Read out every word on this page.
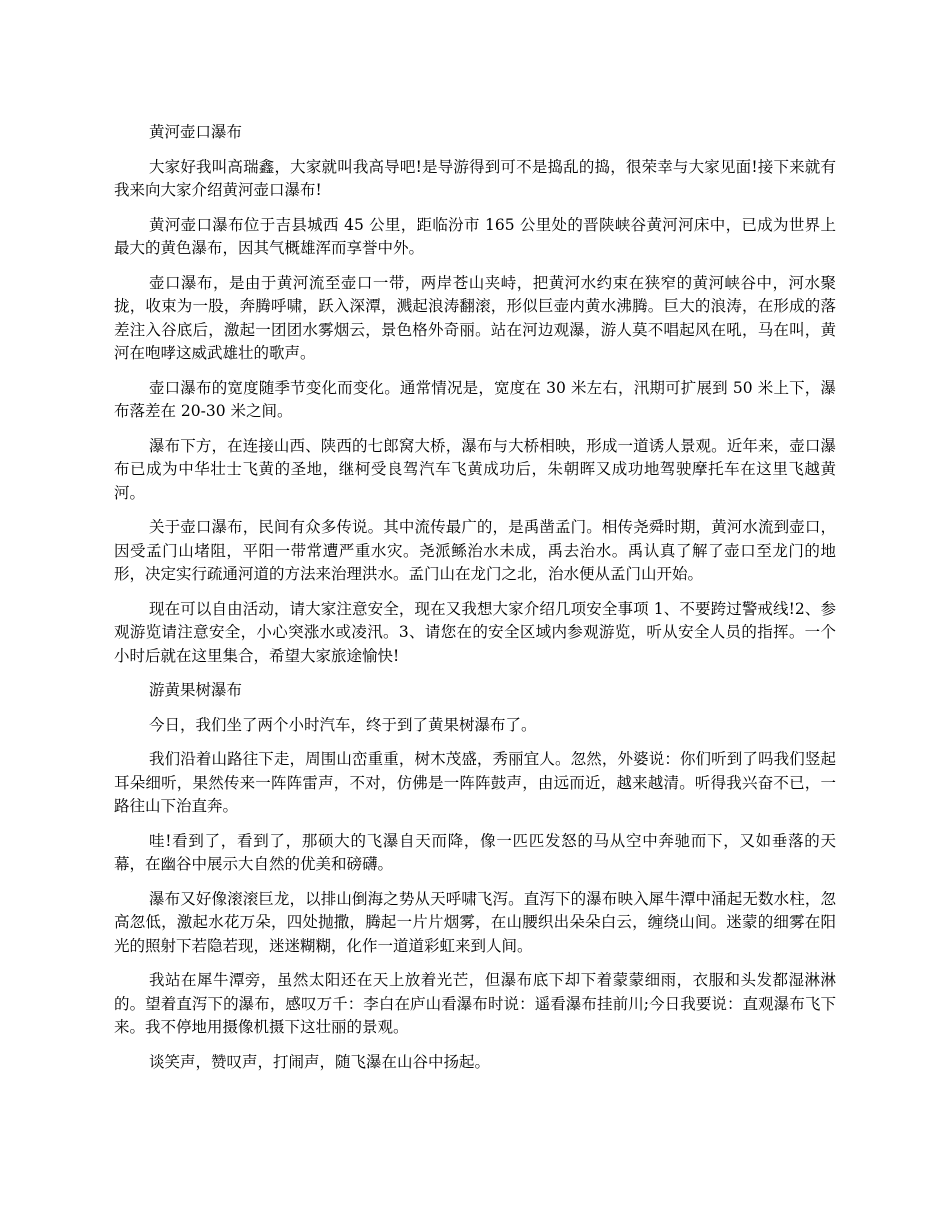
黄河壶口瀑布

大家好我叫高瑞鑫，大家就叫我高导吧!是导游得到可不是捣乱的捣，很荣幸与大家见面!接下来就有我来向大家介绍黄河壶口瀑布!

黄河壶口瀑布位于吉县城西 45 公里，距临汾市 165 公里处的晋陕峡谷黄河河床中，已成为世界上最大的黄色瀑布，因其气概雄浑而享誉中外。

壶口瀑布，是由于黄河流至壶口一带，两岸苍山夹峙，把黄河水约束在狭窄的黄河峡谷中，河水聚拢，收束为一股，奔腾呼啸，跃入深潭，溅起浪涛翻滚，形似巨壶内黄水沸腾。巨大的浪涛，在形成的落差注入谷底后，激起一团团水雾烟云，景色格外奇丽。站在河边观瀑，游人莫不唱起风在吼，马在叫，黄河在咆哮这威武雄壮的歌声。

壶口瀑布的宽度随季节变化而变化。通常情况是，宽度在 30 米左右，汛期可扩展到 50 米上下，瀑布落差在 20-30 米之间。

瀑布下方，在连接山西、陕西的七郎窝大桥，瀑布与大桥相映，形成一道诱人景观。近年来，壶口瀑布已成为中华壮士飞黄的圣地，继柯受良驾汽车飞黄成功后，朱朝晖又成功地驾驶摩托车在这里飞越黄河。

关于壶口瀑布，民间有众多传说。其中流传最广的，是禹凿孟门。相传尧舜时期，黄河水流到壶口，因受孟门山堵阻，平阳一带常遭严重水灾。尧派鲧治水未成，禹去治水。禹认真了解了壶口至龙门的地形，决定实行疏通河道的方法来治理洪水。孟门山在龙门之北，治水便从孟门山开始。

现在可以自由活动，请大家注意安全，现在又我想大家介绍几项安全事项 1、不要跨过警戒线!2、参观游览请注意安全，小心突涨水或凌汛。3、请您在的安全区域内参观游览，听从安全人员的指挥。一个小时后就在这里集合，希望大家旅途愉快!

游黄果树瀑布

今日，我们坐了两个小时汽车，终于到了黄果树瀑布了。

我们沿着山路往下走，周围山峦重重，树木茂盛，秀丽宜人。忽然，外婆说：你们听到了吗我们竖起耳朵细听，果然传来一阵阵雷声，不对，仿佛是一阵阵鼓声，由远而近，越来越清。听得我兴奋不已，一路往山下治直奔。

哇!看到了，看到了，那硕大的飞瀑自天而降，像一匹匹发怒的马从空中奔驰而下，又如垂落的天幕，在幽谷中展示大自然的优美和磅礴。

瀑布又好像滚滚巨龙，以排山倒海之势从天呼啸飞泻。直泻下的瀑布映入犀牛潭中涌起无数水柱，忽高忽低，激起水花万朵，四处抛撒，腾起一片片烟雾，在山腰织出朵朵白云，缠绕山间。迷蒙的细雾在阳光的照射下若隐若现，迷迷糊糊，化作一道道彩虹来到人间。

我站在犀牛潭旁，虽然太阳还在天上放着光芒，但瀑布底下却下着蒙蒙细雨，衣服和头发都湿淋淋的。望着直泻下的瀑布，感叹万千：李白在庐山看瀑布时说：遥看瀑布挂前川;今日我要说：直观瀑布飞下来。我不停地用摄像机摄下这壮丽的景观。

谈笑声，赞叹声，打闹声，随飞瀑在山谷中扬起。
